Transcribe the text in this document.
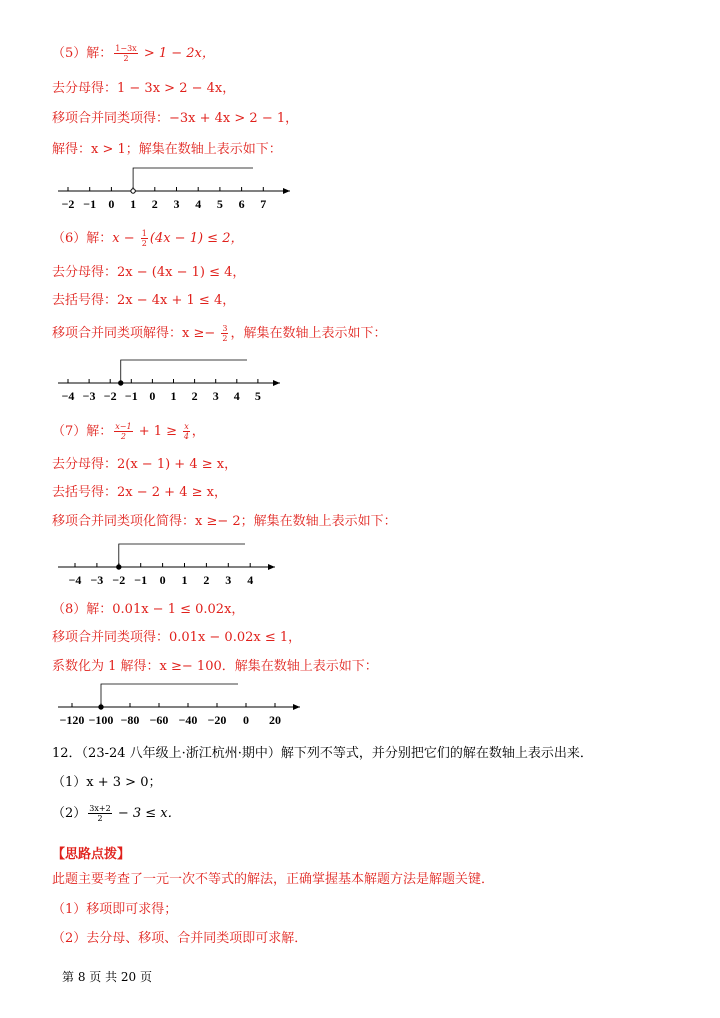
（5）解： $\frac{1-3x}{2} > 1 - 2x$，
去分母得：1 − 3x > 2 − 4x，
移项合并同类项得：−3x + 4x > 2 − 1，
解得：x > 1；解集在数轴上表示如下：
−2 −1 0 1 2 3 4 5 6 7
（6）解：$x - \frac{1}{2} (4x - 1) \le 2$，
去分母得：2x − (4x − 1) ≤ 4，
去括号得：2x − 4x + 1 ≤ 4，
移项合并同类项解得：$x \ge- \frac{3}{2}$ ，解集在数轴上表示如下：
−4 −3 −2 −1 0 1 2 3 4 5
（7）解： $\frac{x-1}{2} + 1 \ge \frac{x}{4}$ ，
去分母得：2(x − 1) + 4 ≥ x，
去括号得：2x − 2 + 4 ≥ x，
移项合并同类项化简得：x ≥− 2；解集在数轴上表示如下：
−4 −3 −2 −1 0 1 2 3 4
（8）解：0.01x − 1 ≤ 0.02x，
移项合并同类项得：0.01x − 0.02x ≤ 1，
系数化为 1 解得：x ≥− 100．解集在数轴上表示如下：
−120 −100 −80 −60 −40 −20 0 20
12．（23-24 八年级上·浙江杭州·期中）解下列不等式，并分别把它们的解在数轴上表示出来．
（1）x + 3 > 0；
$(2) \frac{3x+2}{2} - 3 \le x$．
【思路点拨】
此题主要考查了一元一次不等式的解法，正确掌握基本解题方法是解题关键．
（1）移项即可求得；
（2）去分母、移项、合并同类项即可求解．
第 8 页 共 20 页
